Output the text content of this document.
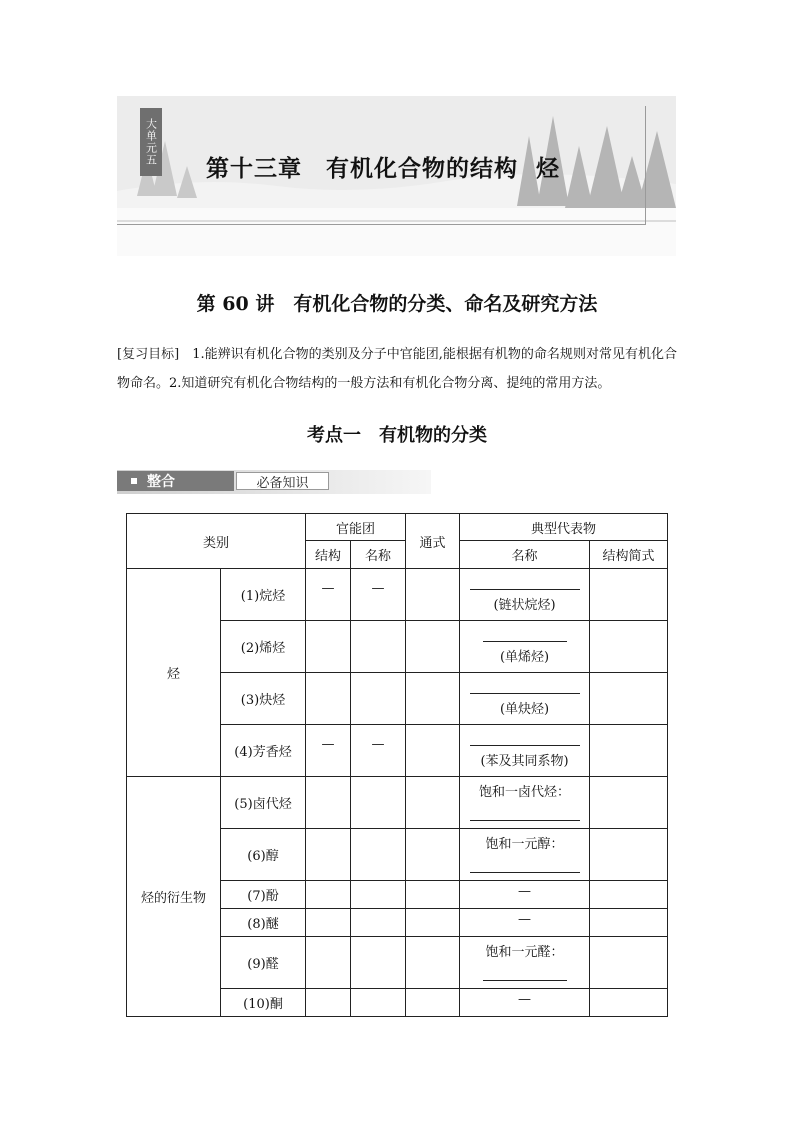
大单元五
第十三章　有机化合物的结构  烃
第 60 讲　有机化合物的分类、命名及研究方法
[复习目标]　1.能辨识有机化合物的类别及分子中官能团,能根据有机物的命名规则对常见有机化合物命名。2.知道研究有机化合物结构的一般方法和有机化合物分离、提纯的常用方法。
考点一　有机物的分类
整合	必备知识
类别		官能团		通式	典型代表物	
		结构	名称		名称	结构简式
烃	(1)烷烃	—	—		(链状烷烃)	

	(2)烯烃				(单烯烃)	

	(3)炔烃				(单炔烃)	

	(4)芳香烃	—	—		(苯及其同系物)	

烃的衍生物	(5)卤代烃				饱和一卤代烃：	

	(6)醇				饱和一元醇：	

	(7)酚				—	
	(8)醚				—	
	(9)醛				饱和一元醛：	

	(10)酮				—	
